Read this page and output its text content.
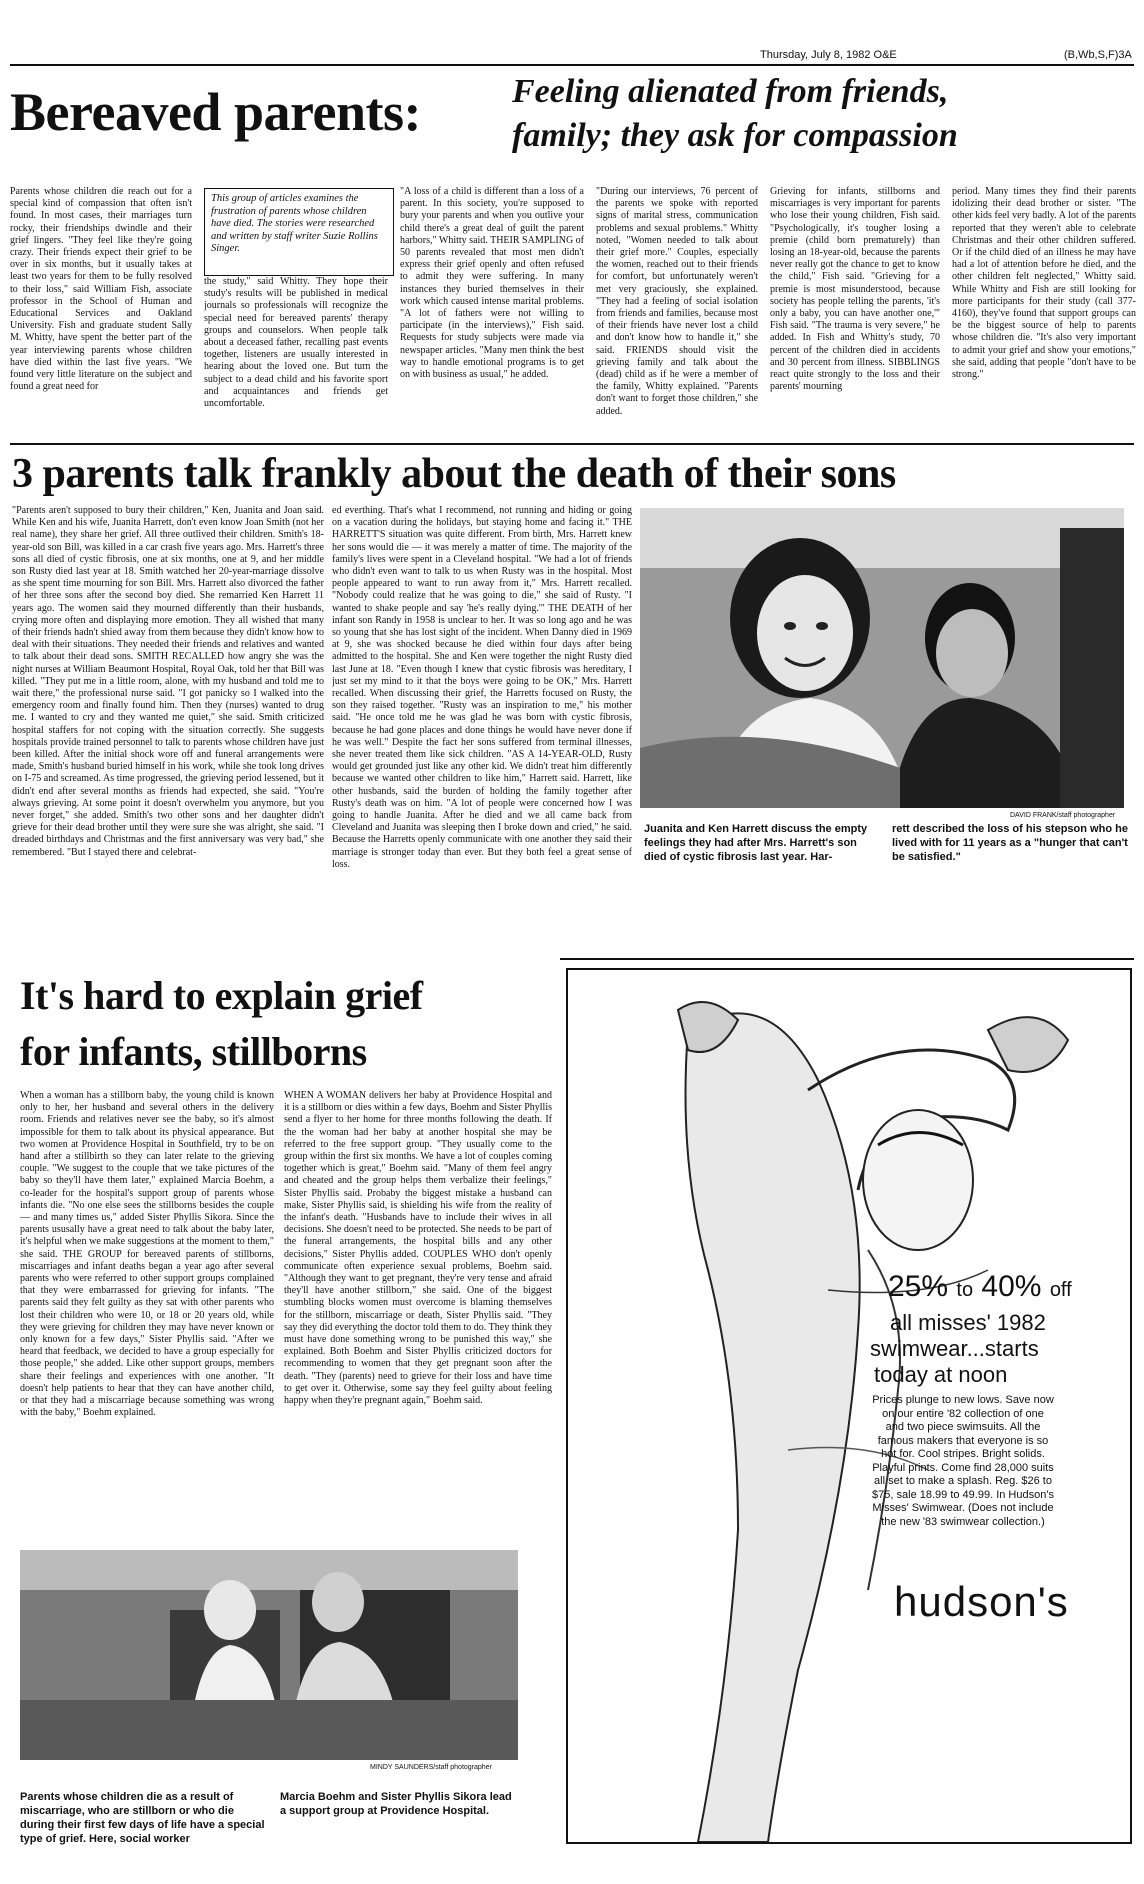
Thursday, July 8, 1982 O&E	(B,Wb,S,F)3A
Bereaved parents:	Feeling alienated from friends,
family; they ask for compassion
Parents whose children die reach out for a special kind of compassion that often isn't found. In most cases, their marriages turn rocky, their friendships dwindle and their grief lingers. "They feel like they're going crazy. Their friends expect their grief to be over in six months, but it usually takes at least two years for them to be fully resolved to their loss," said William Fish, associate professor in the School of Human and Educational Services and Oakland University. Fish and graduate student Sally M. Whitty, have spent the better part of the year interviewing parents whose children have died within the last five years. "We found very little literature on the subject and found a great need for
This group of articles examines the frustration of parents whose children have died. The stories were researched and written by staff writer Suzie Rollins Singer.
the study," said Whitty. They hope their study's results will be published in medical journals so professionals will recognize the special need for bereaved parents' therapy groups and counselors. When people talk about a deceased father, recalling past events together, listeners are usually interested in hearing about the loved one. But turn the subject to a dead child and his favorite sport and acquaintances and friends get uncomfortable.
"A loss of a child is different than a loss of a parent. In this society, you're supposed to bury your parents and when you outlive your child there's a great deal of guilt the parent harbors," Whitty said. THEIR SAMPLING of 50 parents revealed that most men didn't express their grief openly and often refused to admit they were suffering. In many instances they buried themselves in their work which caused intense marital problems. "A lot of fathers were not willing to participate (in the interviews)," Fish said. Requests for study subjects were made via newspaper articles. "Many men think the best way to handle emotional programs is to get on with business as usual," he added.
"During our interviews, 76 percent of the parents we spoke with reported signs of marital stress, communication problems and sexual problems." Whitty noted, "Women needed to talk about their grief more." Couples, especially the women, reached out to their friends for comfort, but unfortunately weren't met very graciously, she explained. "They had a feeling of social isolation from friends and families, because most of their friends have never lost a child and don't know how to handle it," she said. FRIENDS should visit the grieving family and talk about the (dead) child as if he were a member of the family, Whitty explained. "Parents don't want to forget those children," she added.
Grieving for infants, stillborns and miscarriages is very important for parents who lose their young children, Fish said. "Psychologically, it's tougher losing a premie (child born prematurely) than losing an 18-year-old, because the parents never really got the chance to get to know the child," Fish said. "Grieving for a premie is most misunderstood, because society has people telling the parents, 'it's only a baby, you can have another one,'" Fish said. "The trauma is very severe," he added. In Fish and Whitty's study, 70 percent of the children died in accidents and 30 percent from illness. SIBBLINGS react quite strongly to the loss and their parents' mourning
period. Many times they find their parents idolizing their dead brother or sister. "The other kids feel very badly. A lot of the parents reported that they weren't able to celebrate Christmas and their other children suffered. Or if the child died of an illness he may have had a lot of attention before he died, and the other children felt neglected," Whitty said. While Whitty and Fish are still looking for more participants for their study (call 377-4160), they've found that support groups can be the biggest source of help to parents whose children die. "It's also very important to admit your grief and show your emotions," she said, adding that people "don't have to be strong."
3 parents talk frankly about the death of their sons
"Parents aren't supposed to bury their children," Ken, Juanita and Joan said. While Ken and his wife, Juanita Harrett, don't even know Joan Smith (not her real name), they share her grief. All three outlived their children. Smith's 18-year-old son Bill, was killed in a car crash five years ago. Mrs. Harrett's three sons all died of cystic fibrosis, one at six months, one at 9, and her middle son Rusty died last year at 18. Smith watched her 20-year-marriage dissolve as she spent time mourning for son Bill. Mrs. Harrett also divorced the father of her three sons after the second boy died. She remarried Ken Harrett 11 years ago. The women said they mourned differently than their husbands, crying more often and displaying more emotion. They all wished that many of their friends hadn't shied away from them because they didn't know how to deal with their situations. They needed their friends and relatives and wanted to talk about their dead sons. SMITH RECALLED how angry she was the night nurses at William Beaumont Hospital, Royal Oak, told her that Bill was killed. "They put me in a little room, alone, with my husband and told me to wait there," the professional nurse said. "I got panicky so I walked into the emergency room and finally found him. Then they (nurses) wanted to drug me. I wanted to cry and they wanted me quiet," she said. Smith criticized hospital staffers for not coping with the situation correctly. She suggests hospitals provide trained personnel to talk to parents whose children have just been killed. After the initial shock wore off and funeral arrangements were made, Smith's husband buried himself in his work, while she took long drives on I-75 and screamed. As time progressed, the grieving period lessened, but it didn't end after several months as friends had expected, she said. "You're always grieving. At some point it doesn't overwhelm you anymore, but you never forget," she added. Smith's two other sons and her daughter didn't grieve for their dead brother until they were sure she was alright, she said. "I dreaded birthdays and Christmas and the first anniversary was very bad," she remembered. "But I stayed there and celebrat-
ed everthing. That's what I recommend, not running and hiding or going on a vacation during the holidays, but staying home and facing it." THE HARRETT'S situation was quite different. From birth, Mrs. Harrett knew her sons would die — it was merely a matter of time. The majority of the family's lives were spent in a Cleveland hospital. "We had a lot of friends who didn't even want to talk to us when Rusty was in the hospital. Most people appeared to want to run away from it," Mrs. Harrett recalled. "Nobody could realize that he was going to die," she said of Rusty. "I wanted to shake people and say 'he's really dying.'" THE DEATH of her infant son Randy in 1958 is unclear to her. It was so long ago and he was so young that she has lost sight of the incident. When Danny died in 1969 at 9, she was shocked because he died within four days after being admitted to the hospital. She and Ken were together the night Rusty died last June at 18. "Even though I knew that cystic fibrosis was hereditary, I just set my mind to it that the boys were going to be OK," Mrs. Harrett recalled. When discussing their grief, the Harretts focused on Rusty, the son they raised together. "Rusty was an inspiration to me," his mother said. "He once told me he was glad he was born with cystic fibrosis, because he had gone places and done things he would have never done if he was well." Despite the fact her sons suffered from terminal illnesses, she never treated them like sick children. "AS A 14-YEAR-OLD, Rusty would get grounded just like any other kid. We didn't treat him differently because we wanted other children to like him," Harrett said. Harrett, like other husbands, said the burden of holding the family together after Rusty's death was on him. "A lot of people were concerned how I was going to handle Juanita. After he died and we all came back from Cleveland and Juanita was sleeping then I broke down and cried," he said. Because the Harretts openly communicate with one another they said their marriage is stronger today than ever. But they both feel a great sense of loss.
DAVID FRANK/staff photographer
Juanita and Ken Harrett discuss the empty feelings they had after Mrs. Harrett's son died of cystic fibrosis last year. Har-
rett described the loss of his stepson who he lived with for 11 years as a "hunger that can't be satisfied."
It's hard to explain grief
for infants, stillborns
When a woman has a stillborn baby, the young child is known only to her, her husband and several others in the delivery room. Friends and relatives never see the baby, so it's almost impossible for them to talk about its physical appearance. But two women at Providence Hospital in Southfield, try to be on hand after a stillbirth so they can later relate to the grieving couple. "We suggest to the couple that we take pictures of the baby so they'll have them later," explained Marcia Boehm, a co-leader for the hospital's support group of parents whose infants die. "No one else sees the stillborns besides the couple — and many times us," added Sister Phyllis Sikora. Since the parents ususally have a great need to talk about the baby later, it's helpful when we make suggestions at the moment to them," she said. THE GROUP for bereaved parents of stillborns, miscarriages and infant deaths began a year ago after several parents who were referred to other support groups complained that they were embarrassed for grieving for infants. "The parents said they felt guilty as they sat with other parents who lost their children who were 10, or 18 or 20 years old, while they were grieving for children they may have never known or only known for a few days," Sister Phyllis said. "After we heard that feedback, we decided to have a group especially for those people," she added. Like other support groups, members share their feelings and experiences with one another. "It doesn't help patients to hear that they can have another child, or that they had a miscarriage because something was wrong with the baby," Boehm explained.
WHEN A WOMAN delivers her baby at Providence Hospital and it is a stillborn or dies within a few days, Boehm and Sister Phyllis send a flyer to her home for three months following the death. If the the woman had her baby at another hospital she may be referred to the free support group. "They usually come to the group within the first six months. We have a lot of couples coming together which is great," Boehm said. "Many of them feel angry and cheated and the group helps them verbalize their feelings," Sister Phyllis said. Probaby the biggest mistake a husband can make, Sister Phyllis said, is shielding his wife from the reality of the infant's death. "Husbands have to include their wives in all decisions. She doesn't need to be protected. She needs to be part of the funeral arrangements, the hospital bills and any other decisions," Sister Phyllis added. COUPLES WHO don't openly communicate often experience sexual problems, Boehm said. "Although they want to get pregnant, they're very tense and afraid they'll have another stillborn," she said. One of the biggest stumbling blocks women must overcome is blaming themselves for the stillborn, miscarriage or death, Sister Phyllis said. "They say they did everything the doctor told them to do. They think they must have done something wrong to be punished this way," she explained. Both Boehm and Sister Phyllis criticized doctors for recommending to women that they get pregnant soon after the death. "They (parents) need to grieve for their loss and have time to get over it. Otherwise, some say they feel guilty about feeling happy when they're pregnant again," Boehm said.
MINDY SAUNDERS/staff photographer
Parents whose children die as a result of miscarriage, who are stillborn or who die during their first few days of life have a special type of grief. Here, social worker
Marcia Boehm and Sister Phyllis Sikora lead a support group at Providence Hospital.
25% to 40% off
all misses' 1982
swimwear...starts
today at noon
Prices plunge to new lows. Save now on our entire '82 collection of one and two piece swimsuits. All the famous makers that everyone is so hot for. Cool stripes. Bright solids. Playful prints. Come find 28,000 suits all set to make a splash. Reg. $26 to $75, sale 18.99 to 49.99. In Hudson's Misses' Swimwear. (Does not include the new '83 swimwear collection.)
hudson's
